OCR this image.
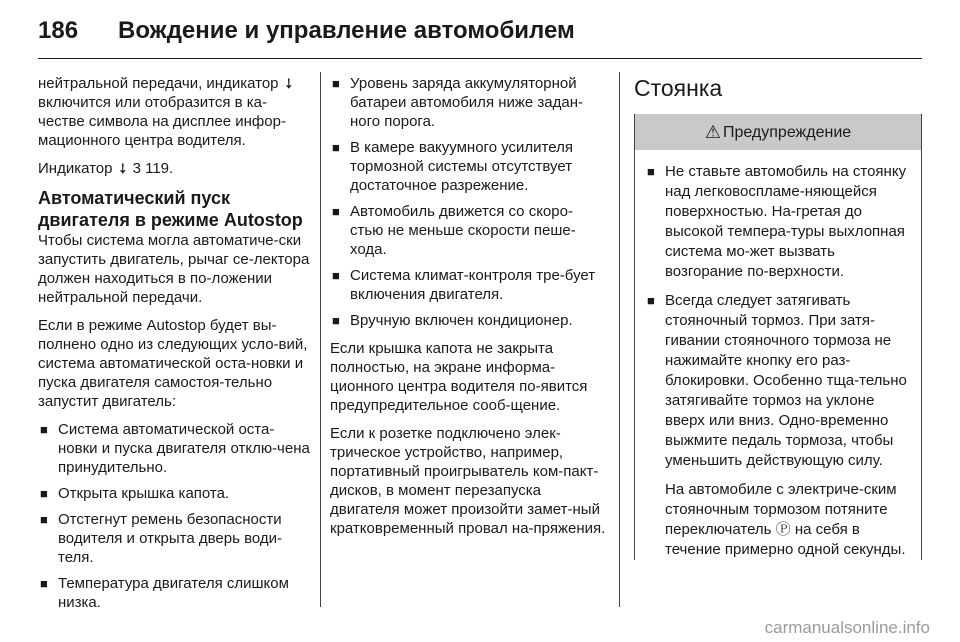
186	Вождение и управление автомобилем

нейтральной передачи, индикатор ➘ включится или отобразится в ка-честве символа на дисплее инфор-мационного центра водителя.

Индикатор ➘ 3 119.

Автоматический пуск двигателя в режиме Autostop

Чтобы система могла автоматиче-ски запустить двигатель, рычаг се-лектора должен находиться в по-ложении нейтральной передачи.

Если в режиме Autostop будет вы-полнено одно из следующих усло-вий, система автоматической оста-новки и пуска двигателя самостоя-тельно запустит двигатель:

■ Система автоматической оста-новки и пуска двигателя отклю-чена принудительно.
■ Открыта крышка капота.
■ Отстегнут ремень безопасности водителя и открыта дверь води-теля.
■ Температура двигателя слишком низка.
■ Уровень заряда аккумуляторной батареи автомобиля ниже задан-ного порога.
■ В камере вакуумного усилителя тормозной системы отсутствует достаточное разрежение.
■ Автомобиль движется со скоро-стью не меньше скорости пеше-хода.
■ Система климат-контроля тре-бует включения двигателя.
■ Вручную включен кондиционер.

Если крышка капота не закрыта полностью, на экране информа-ционного центра водителя по-явится предупредительное сооб-щение.

Если к розетке подключено элек-трическое устройство, например, портативный проигрыватель ком-пакт-дисков, в момент перезапуска двигателя может произойти замет-ный кратковременный провал на-пряжения.

Стоянка
⚠ Предупреждение
■ Не ставьте автомобиль на стоянку над легковоспламе-няющейся поверхностью. На-гретая до высокой темпера-туры выхлопная система мо-жет вызвать возгорание по-верхности.
■ Всегда следует затягивать стояночный тормоз. При затя-гивании стояночного тормоза не нажимайте кнопку его раз-блокировки. Особенно тща-тельно затягивайте тормоз на уклоне вверх или вниз. Одно-временно выжмите педаль тормоза, чтобы уменьшить действующую силу.

На автомобиле с электриче-ским стояночным тормозом потяните переключатель Ⓟ на себя в течение примерно одной секунды.

carmanualsonline.info
